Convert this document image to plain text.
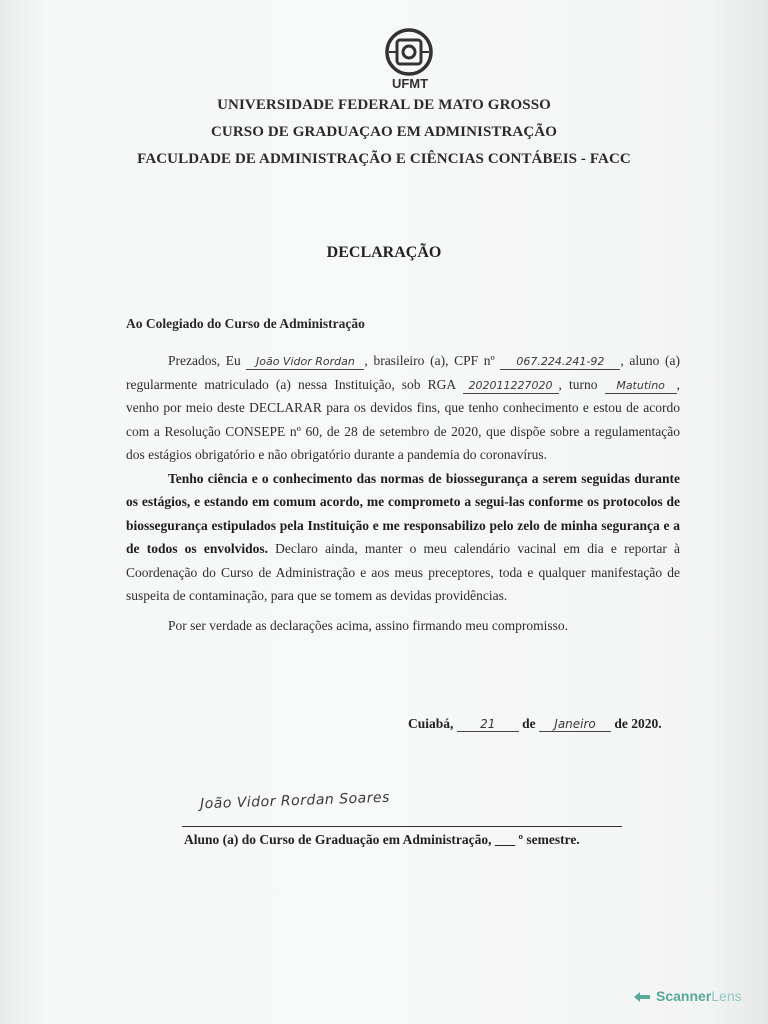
UFMT
UNIVERSIDADE FEDERAL DE MATO GROSSO
CURSO DE GRADUAÇAO EM ADMINISTRAÇÃO
FACULDADE DE ADMINISTRAÇÃO E CIÊNCIAS CONTÁBEIS - FACC
DECLARAÇÃO
Ao Colegiado do Curso de Administração

Prezados, Eu João Vidor Rordan , brasileiro (a), CPF nº 067.224.241-92 , aluno (a) regularmente matriculado (a) nessa Instituição, sob RGA 202011227020 , turno Matutino , venho por meio deste DECLARAR para os devidos fins, que tenho conhecimento e estou de acordo com a Resolução CONSEPE nº 60, de 28 de setembro de 2020, que dispõe sobre a regulamentação dos estágios obrigatório e não obrigatório durante a pandemia do coronavírus.

Tenho ciência e o conhecimento das normas de biossegurança a serem seguidas durante os estágios, e estando em comum acordo, me comprometo a segui-las conforme os protocolos de biossegurança estipulados pela Instituição e me responsabilizo pelo zelo de minha segurança e a de todos os envolvidos. Declaro ainda, manter o meu calendário vacinal em dia e reportar à Coordenação do Curso de Administração e aos meus preceptores, toda e qualquer manifestação de suspeita de contaminação, para que se tomem as devidas providências.

Por ser verdade as declarações acima, assino firmando meu compromisso.

Cuiabá, 21 de Janeiro de 2020.
João Vidor Rordan Soares
Aluno (a) do Curso de Graduação em Administração, ___ º semestre.
ScannerLens
